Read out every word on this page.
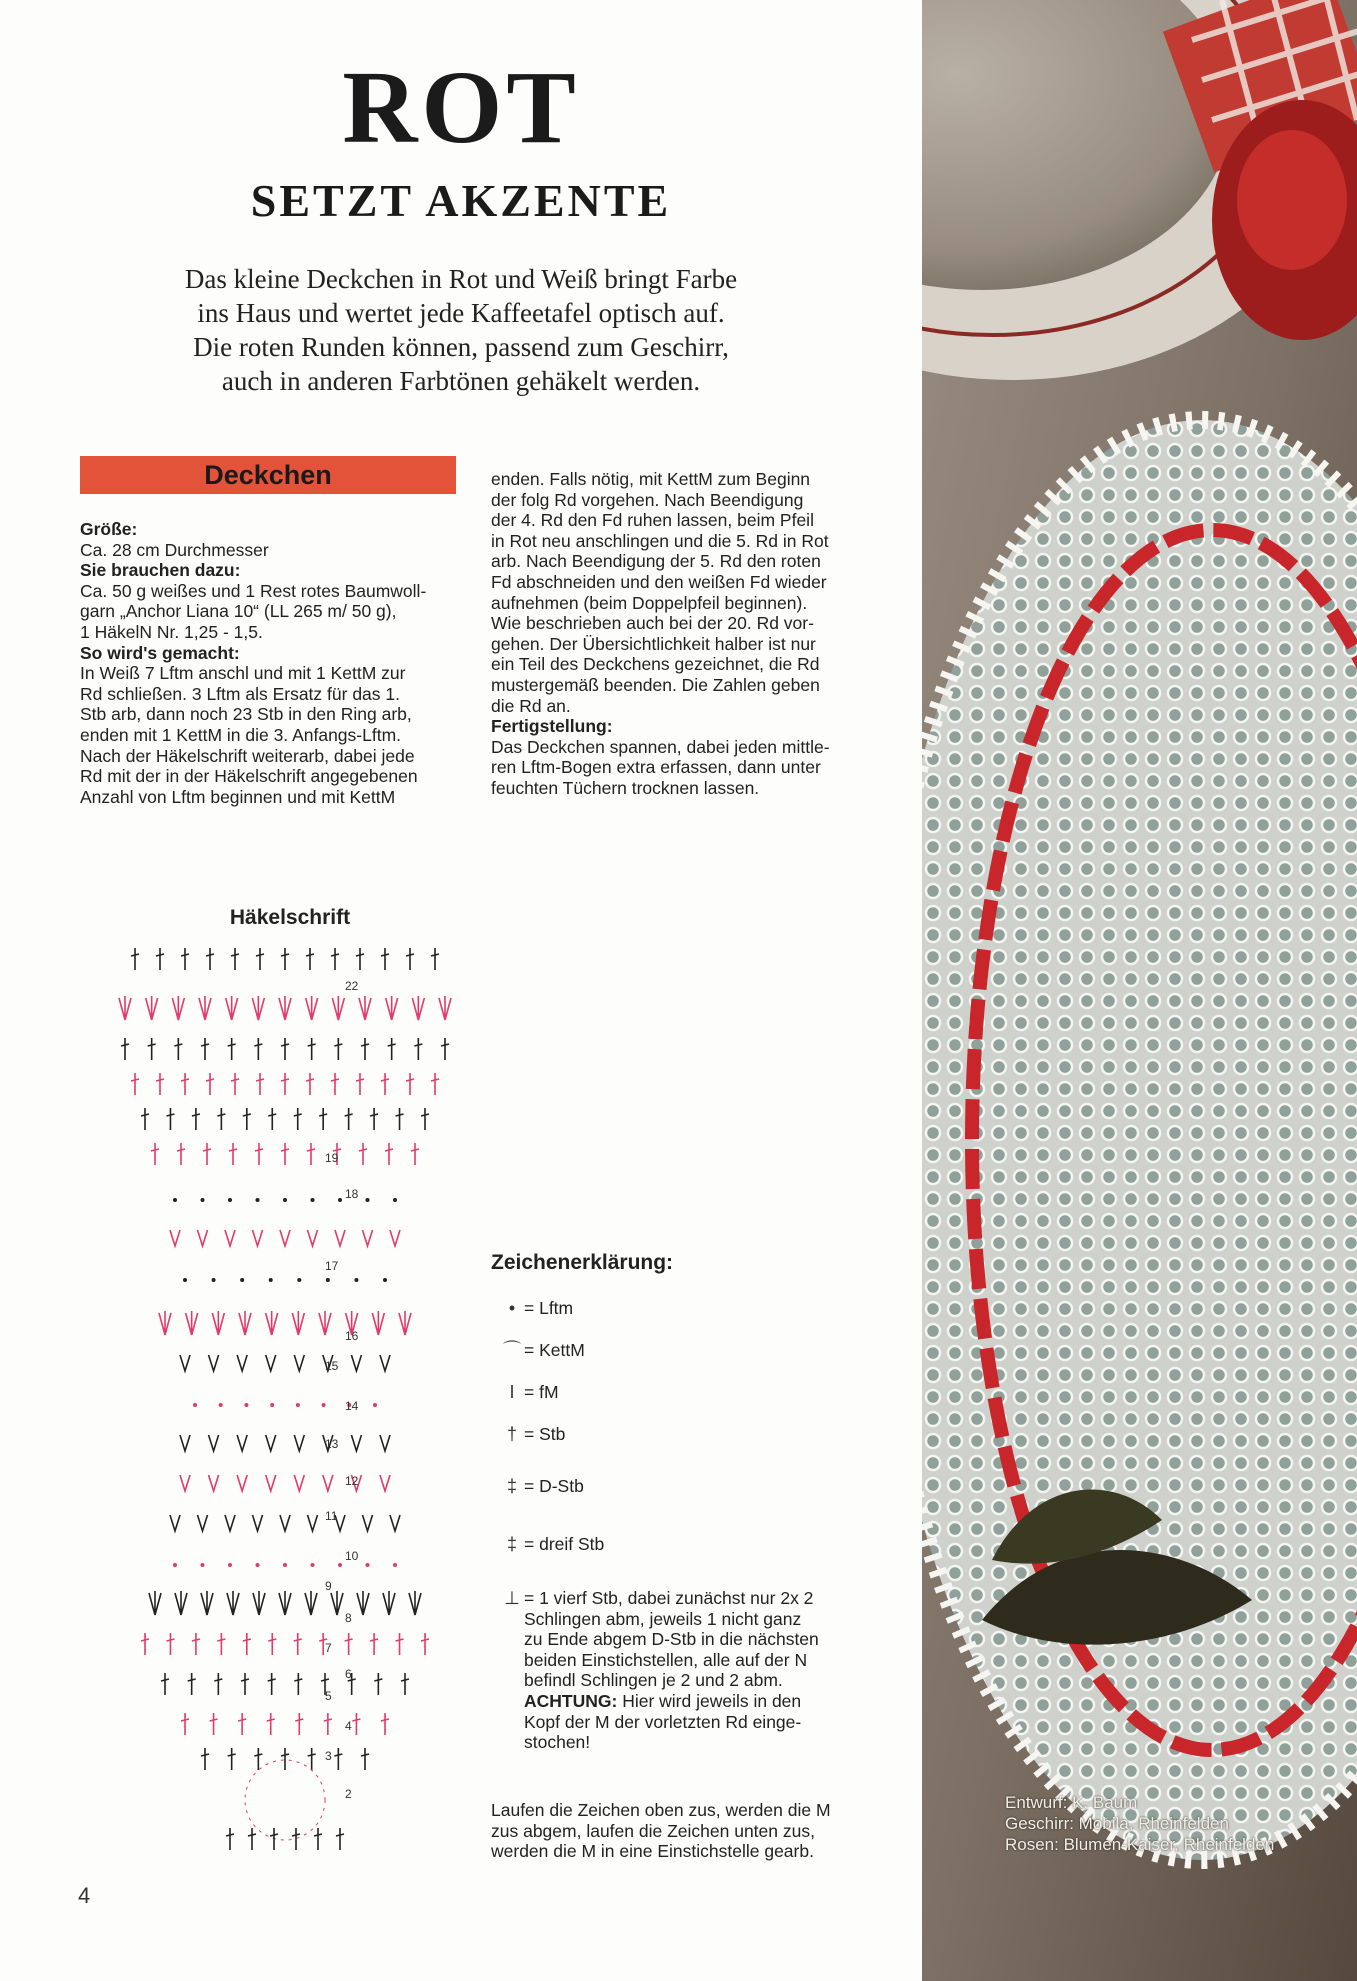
ROT
SETZT AKZENTE
Das kleine Deckchen in Rot und Weiß bringt Farbe
ins Haus und wertet jede Kaffeetafel optisch auf.
Die roten Runden können, passend zum Geschirr,
auch in anderen Farbtönen gehäkelt werden.
Deckchen
Größe:
Ca. 28 cm Durchmesser
Sie brauchen dazu:
Ca. 50 g weißes und 1 Rest rotes Baumwoll-
garn „Anchor Liana 10“ (LL 265 m/ 50 g),
1 HäkelN Nr. 1,25 - 1,5.
So wird's gemacht:
In Weiß 7 Lftm anschl und mit 1 KettM zur
Rd schließen. 3 Lftm als Ersatz für das 1.
Stb arb, dann noch 23 Stb in den Ring arb,
enden mit 1 KettM in die 3. Anfangs-Lftm.
Nach der Häkelschrift weiterarb, dabei jede
Rd mit der in der Häkelschrift angegebenen
Anzahl von Lftm beginnen und mit KettM
enden. Falls nötig, mit KettM zum Beginn
der folg Rd vorgehen. Nach Beendigung
der 4. Rd den Fd ruhen lassen, beim Pfeil
in Rot neu anschlingen und die 5. Rd in Rot
arb. Nach Beendigung der 5. Rd den roten
Fd abschneiden und den weißen Fd wieder
aufnehmen (beim Doppelpfeil beginnen).
Wie beschrieben auch bei der 20. Rd vor-
gehen. Der Übersichtlichkeit halber ist nur
ein Teil des Deckchens gezeichnet, die Rd
mustergemäß beenden. Die Zahlen geben
die Rd an.
Fertigstellung:
Das Deckchen spannen, dabei jeden mittle-
ren Lftm-Bogen extra erfassen, dann unter
feuchten Tüchern trocknen lassen.
Häkelschrift
2
3
4
5
6
7
8
9
10
11
12
13
14
15
16
17
18
19
22
Zeichenerklärung:
• = Lftm
⌒ = KettM
I = fM
† = Stb
‡ = D-Stb
‡ = dreif Stb
⊥ = 1 vierf Stb, dabei zunächst nur 2x 2
Schlingen abm, jeweils 1 nicht ganz
zu Ende abgem D-Stb in die nächsten
beiden Einstichstellen, alle auf der N
befindl Schlingen je 2 und 2 abm.
ACHTUNG: Hier wird jeweils in den
Kopf der M der vorletzten Rd einge-
stochen!
Laufen die Zeichen oben zus, werden die M
zus abgem, laufen die Zeichen unten zus,
werden die M in eine Einstichstelle gearb.
4
Entwurf: K. Baum
Geschirr: Mobila, Rheinfelden
Rosen: Blumen-Kaiser, Rheinfelden
